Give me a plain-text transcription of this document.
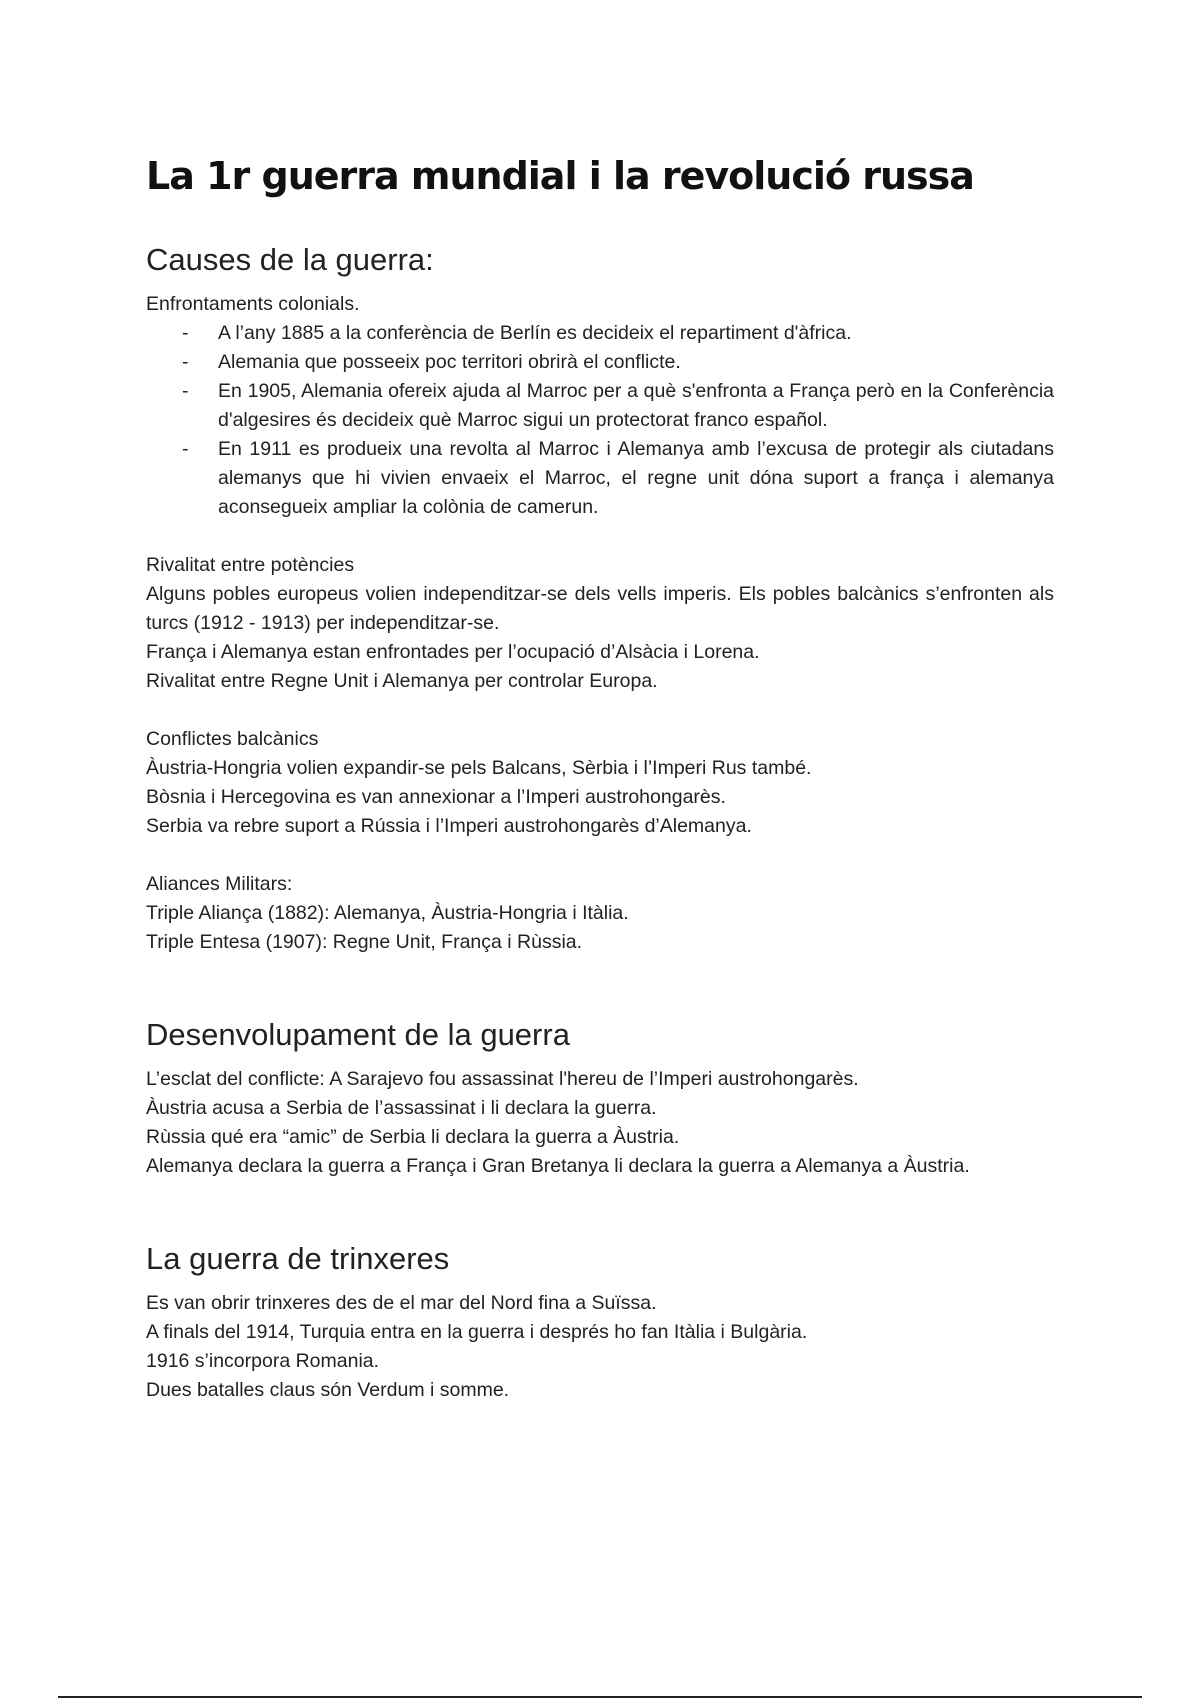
La 1r guerra mundial i la revolució russa
Causes de la guerra:

Enfrontaments colonials.

- A l’any 1885 a la conferència de Berlín es decideix el repartiment d'àfrica.
- Alemania que posseeix poc territori obrirà el conflicte.
- En 1905, Alemania ofereix ajuda al Marroc per a què s'enfronta a França però en la Conferència d'algesires és decideix què Marroc sigui un protectorat franco español.
- En 1911 es produeix una revolta al Marroc i Alemanya amb l’excusa de protegir als ciutadans alemanys que hi vivien envaeix el Marroc, el regne unit dóna suport a frança i alemanya aconsegueix ampliar la colònia de camerun.

Rivalitat entre potències

Alguns pobles europeus volien independitzar-se dels vells imperis. Els pobles balcànics s’enfronten als turcs (1912 - 1913) per independitzar-se.

França i Alemanya estan enfrontades per l’ocupació d’Alsàcia i Lorena.

Rivalitat entre Regne Unit i Alemanya per controlar Europa.

Conflictes balcànics

Àustria-Hongria volien expandir-se pels Balcans, Sèrbia i l’Imperi Rus també.

Bòsnia i Hercegovina es van annexionar a l’Imperi austrohongarès.

Serbia va rebre suport a Rússia i l’Imperi austrohongarès d’Alemanya.

Aliances Militars:

Triple Aliança (1882): Alemanya, Àustria-Hongria i Itàlia.

Triple Entesa (1907): Regne Unit, França i Rùssia.

Desenvolupament de la guerra

L’esclat del conflicte: A Sarajevo fou assassinat l'hereu de l’Imperi austrohongarès.

Àustria acusa a Serbia de l’assassinat i li declara la guerra.

Rùssia qué era “amic” de Serbia li declara la guerra a Àustria.

Alemanya declara la guerra a França i Gran Bretanya li declara la guerra a Alemanya a Àustria.

La guerra de trinxeres

Es van obrir trinxeres des de el mar del Nord fina a Suïssa.

A finals del 1914, Turquia entra en la guerra i després ho fan Itàlia i Bulgària.

1916 s’incorpora Romania.

Dues batalles claus són Verdum i somme.
